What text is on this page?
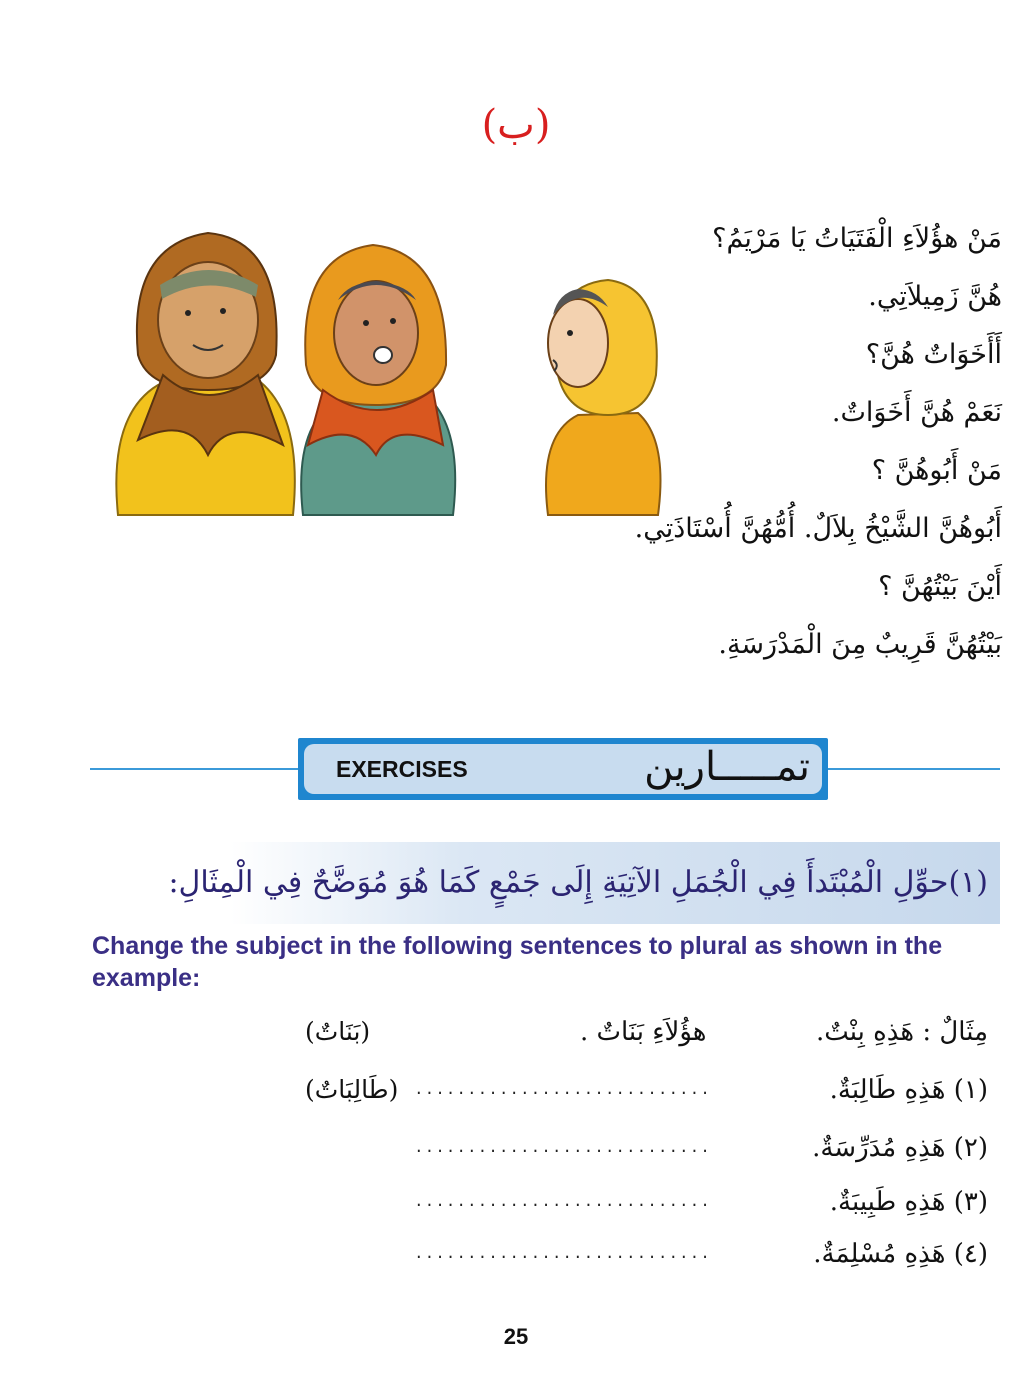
(ب)
مَنْ هؤُلاَءِ الْفَتَيَاتُ يَا مَرْيَمُ؟
هُنَّ زَمِيلاَتِي.
أَأَخَوَاتٌ هُنَّ؟
نَعَمْ هُنَّ أَخَوَاتٌ.
مَنْ أَبُوهُنَّ ؟
أَبُوهُنَّ الشَّيْخُ بِلاَلٌ. أُمُّهُنَّ أُسْتَاذَتِي.
أَيْنَ بَيْتُهُنَّ ؟
بَيْتُهُنَّ قَرِيبٌ مِنَ الْمَدْرَسَةِ.
EXERCISES	تمـــــارين
(١)حوِّلِ الْمُبْتَدأَ فِي الْجُمَلِ الآتِيَةِ إِلَى جَمْعٍ كَمَا هُوَ مُوَضَّحٌ فِي الْمِثَالِ:

Change the subject in the following sentences to plural as shown in the example:

مِثَالٌ : هَذِهِ بِنْتٌ.
هؤُلاَءِ بَنَاتٌ .
(بَنَاتٌ)
(١) هَذِهِ طَالِبَةٌ.
............................
(طَالِبَاتٌ)
(٢) هَذِهِ مُدَرِّسَةٌ.
............................
(٣) هَذِهِ طَبِيبَةٌ.
............................
(٤) هَذِهِ مُسْلِمَةٌ.
............................
25
